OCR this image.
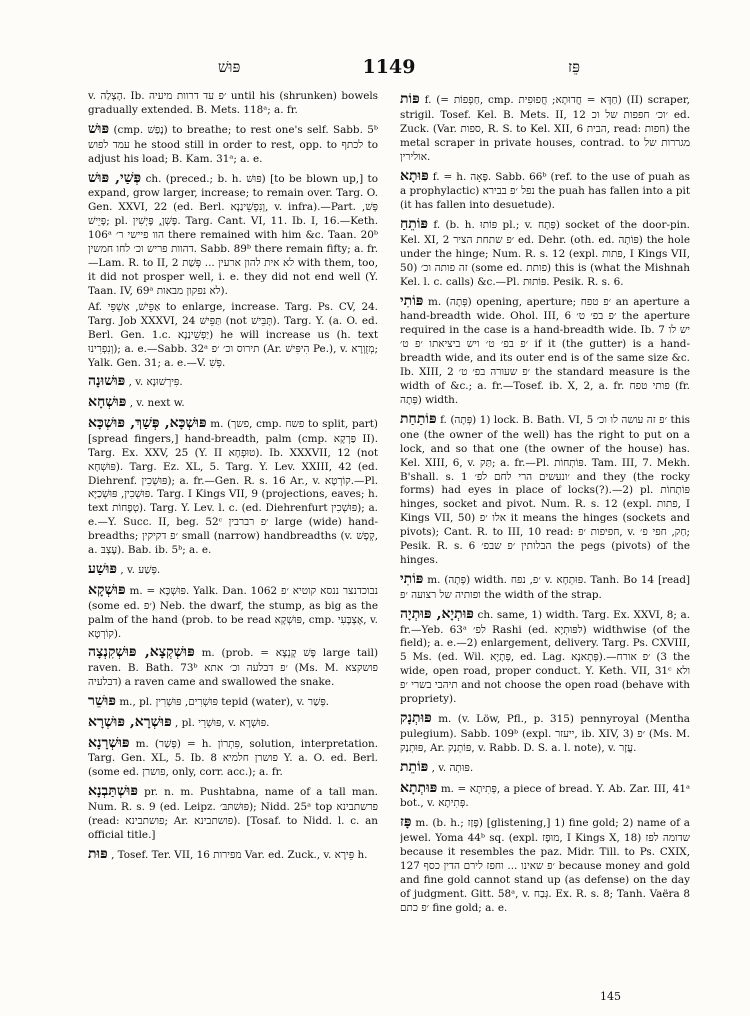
פּוּשׁ	1149	פֵּז

v. הָצְלַה. Ib. ׳פ עד דרוות מיעיה until his (shrunken) bowels gradually extended. B. Mets. 118ᵃ; a. fr.

פּוּשׁ (cmp. נָפַשׁ) to breathe; to rest one's self. Sabb. 5ᵇ עמד לפוש he stood still in order to rest, opp. to לכתף to adjust his load; B. Kam. 31ᵃ; a. e.

פְּשַׁי, פּוּשׁ ch. (preced.; b. h. פּוּשׁ) [to be blown up,] to expand, grow larger, increase; to remain over. Targ. O. Gen. XXVI, 22 (ed. Berl. וְנִפְשֵׁינַנָא, v. infra).—Part. פְּשׁ, פָּיֵישׁ; pl. פָּשְׁןְ, פָּיְשִׁין. Targ. Cant. VI, 11. Ib. I, 16.—Keth. 106ᵃ הוו פיישי ר׳ there remained with him &c. Taan. 20ᵇ דהוות פריש וכ׳ לחו חמשין. Sabb. 89ᵇ there remain fifty; a. fr.—Lam. R. to II, 2 לא אית להון ארעין ... פְּשַׁת with them, too, it did not prosper well, i. e. they did not end well (Y. Taan. IV, 69ᵃ לא נפקון מבאות).

Af. אַפֵּישׁ, אַשְׁפֵּי to enlarge, increase. Targ. Ps. CV, 24. Targ. Job XXXVI, 24 תַּפֵּישׁ (not תָּבֵּישׁ). Targ. Y. (a. O. ed. Berl. Gen. 1.c. יַפְשֵׁינַנָא) he will increase us (h. text וְנִפְרִינוּ); a. e.—Sabb. 32ᵃ תירוס וכ׳ ׳פ (Ar. הִיפִּישׁ Pe.), v. מְזֻוְרָא; Yalk. Gen. 31; a. e.—V. פְּשִׁ.

פּוּשׁוּנָה , v. פִּירְשׁוּנָא.

פּוּשְׁחָא , v. next w.

פּוּשְׁכָּא, פְּשַׁךְ, פּוּשְׁכָּא m. (פשך, cmp. פשח to split, part) [spread fingers,] hand-breadth, palm (cmp. פַּרְקָא II). Targ. Ex. XXV, 25 (Y. II טוּפְחָא). Ib. XXXVII, 12 (not פּוּשְׁחָא). Targ. Ez. XL, 5. Targ. Y. Lev. XXIII, 42 (ed. Diehrenf. פּוּשְׁכִין); a. fr.—Gen. R. s. 16 Ar., v. קוֹרְטָא.—Pl. פּוּשְׁכִין, פּוּשְׁכַיָּא. Targ. I Kings VII, 9 (projections, eaves; h. text טְפָחוֹת). Targ. Y. Lev. l. c. (ed. Diehrenfurt פּוּשְׁכִין); a. e.—Y. Succ. II, beg. 52ᶜ ׳פ רברבין large (wide) hand-breadths; ׳פ דקיקין small (narrow) handbreadths (v. קְפָשׁ, a. עָצְבּ). Bab. ib. 5ᵇ; a. e.

פּוּשַׁע , v. פְּשַׁע.

פּוּשְׁקָא m. = פּוּשְׁכָּא. Yalk. Dan. 1062 נבוכדנצר ננסא קוטיא ׳פ (some ed. ׳פ) Neb. the dwarf, the stump, as big as the palm of the hand (prob. to be read פּוּשְׁקָא, cmp. אֶצְבָּעִי, v. קוֹרְטָא).

פּוּשְׁקְצָא, פּוּשְׁקִנְצָה m. (prob. = פָּשׁ קָנְצָא large tail) raven. B. Bath. 73ᵇ ׳פ דבלעה וכ׳ אתא (Ms. M. פושקצא דבלעיה) a raven came and swallowed the snake.

פּוּשֵׁר m., pl. פּוּשְׁרִים, פּוּשְׁרִין tepid (water), v. פְּשַׁר.

פּוּשְׁרָא, פּוּשְׁרָא , pl. פּוּשְׁרֵי, v. פּוּשְׁרָא.

פּוּשְׁרָנָא m. (פְּשַׁר) = h. פִּתְרוֹן, solution, interpretation. Targ. Gen. XL, 5. Ib. 8 פושרן חלמיא Y. a. O. ed. Berl. (some ed. פושרן, only, corr. acc.); a. fr.

פּוּשְׁתַּבְנָא pr. n. m. Pushtabna, name of a tall man. Num. R. s. 9 (ed. Leipz. פּוּשׁתּבּ׳); Nidd. 25ᵃ top פרשתבינא (read: פושתבינא; Ar. פושתבינא). [Tosaf. to Nidd. l. c. an official title.]

פּוּת , Tosef. Ter. VII, 16 מפירות Var. ed. Zuck., v. פֵּירָא h.

פּוֹת f. (= חַפְפוֹת, cmp. חַדָּא = חֲדוּתָא; חֲפוּפִית) (II) scraper, strigil. Tosef. Kel. B. Mets. II, 12 ׳וכ׳ חפפות של וכ ed. Zuck. (Var. ספות, R. S. to Kel. XII, 6 הבית, read: חפות) the metal scraper in private houses, contrad. to מגררות של אולירין.

פּוּתָא f. = h. פָּאָה. Sabb. 66ᵇ (ref. to the use of puah as a prophylactic) נפל ׳פ בבירא the puah has fallen into a pit (it has fallen into desuetude).

פּוֹתֵחַ f. (b. h. פּוֹתוּ pl.; v. פְּתָח) socket of the door-pin. Kel. XI, 2 ׳פ שתחת הציר ed. Dehr. (oth. ed. פּוֹתָה) the hole under the hinge; Num. R. s. 12 (expl. פתות, I Kings VII, 50) זה פותה וכ׳ (some ed. פותת) this is (what the Mishnah Kel. l. c. calls) &c.—Pl. פּוֹתוּת. Pesik. R. s. 6.

פּוֹתִי m. (פְּתָה) opening, aperture; ׳פ טפח an aperture a hand-breadth wide. Ohol. III, 6 ׳פ בפ׳ ט׳ the aperture required in the case is a hand-breadth wide. Ib. 7 יש לו ׳פ בפ׳ ט׳ ויש ביציאתו ׳פ ט׳ if it (the gutter) is a hand-breadth wide, and its outer end is of the same size &c. Ib. XIII, 2 ׳פ שעורה בפ׳ ט׳ the standard measure is the width of &c.; a. fr.—Tosef. ib. X, 2, a. fr. פותי טפח (fr. פְּתָה) width.

פּוֹתַחַת f. (פְּתָה) 1) lock. B. Bath. VI, 5 ׳פ זה עושה לו וכ׳ this one (the owner of the well) has the right to put on a lock, and so that one (the owner of the house) has. Kel. XIII, 6, v. תַּק; a. fr.—Pl. פּוֹתְחוֹת. Tam. III, 7. Mekh. B'shall. s. 1 ׳ונעשים הרי לחם לפ׳ and they (the rocky forms) had eyes in place of locks(?).—2) pl. פּוֹתְחוֹת hinges, socket and pivot. Num. R. s. 12 (expl. פתות, I Kings VII, 50) אלו ׳פ it means the hinges (sockets and pivots); Cant. R. to III, 10 read: חפיפות ׳פ, v. חַק, חפי פ׳; Pesik. R. s. 6 הבלותין ׳פ שבפ׳ the pegs (pivots) of the hinges.

פּוֹתִי m. (פְּתָה) width. ׳פ, נפח v. פּוּתְחָא. Tanh. Bo 14 [read] ופותיה של רצועה ׳פ the width of the strap.

פּוּתְיָא, פּוּתְיָה ch. same, 1) width. Targ. Ex. XXVI, 8; a. fr.—Yeb. 63ᵃ לפ׳ Rashi (ed. לפּוּתְיָא) widthwise (of the field); a. e.—2) enlargement, delivery. Targ. Ps. CXVIII, 5 Ms. (ed. Wil. פְּתָיָא, ed. Lag. פְּתָאנָא).—3) ׳פ אורח the wide, open road, proper conduct. Y. Keth. VII, 31ᶜ ולא תיהבי בשרי ׳פ and not choose the open road (behave with propriety).

פּוּתְנָק m. (v. Löw, Pfl., p. 315) pennyroyal (Mentha pulegium). Sabb. 109ᵇ (expl. ייעזר, ib. XIV, 3) ׳פ (Ms. M. פּוּתְנַק, Ar. פּוֹתְנַק, v. Rabb. D. S. a. l. note), v. עֲזָר.

פּוֹתֵת , v. פּוּתְה.

פּוּתְתָא m. = פְּתִיתָא, a piece of bread. Y. Ab. Zar. III, 41ᵃ bot., v. פְּתִיתָא.

פָּז m. (b. h.; פָּזַז) [glistening,] 1) fine gold; 2) name of a jewel. Yoma 44ᵇ sq. (expl. מוּפָז, I Kings X, 18) שדומה לפז because it resembles the paz. Midr. Till. to Ps. CXIX, 127 ׳פ שאינו ... וחפז לירם הדין כסף because money and gold and fine gold cannot stand up (as defense) on the day of judgment. Gitt. 58ᵃ, v. גְּבַח. Ex. R. s. 8; Tanh. Vaëra 8 ׳פ כתם fine gold; a. e.

145
